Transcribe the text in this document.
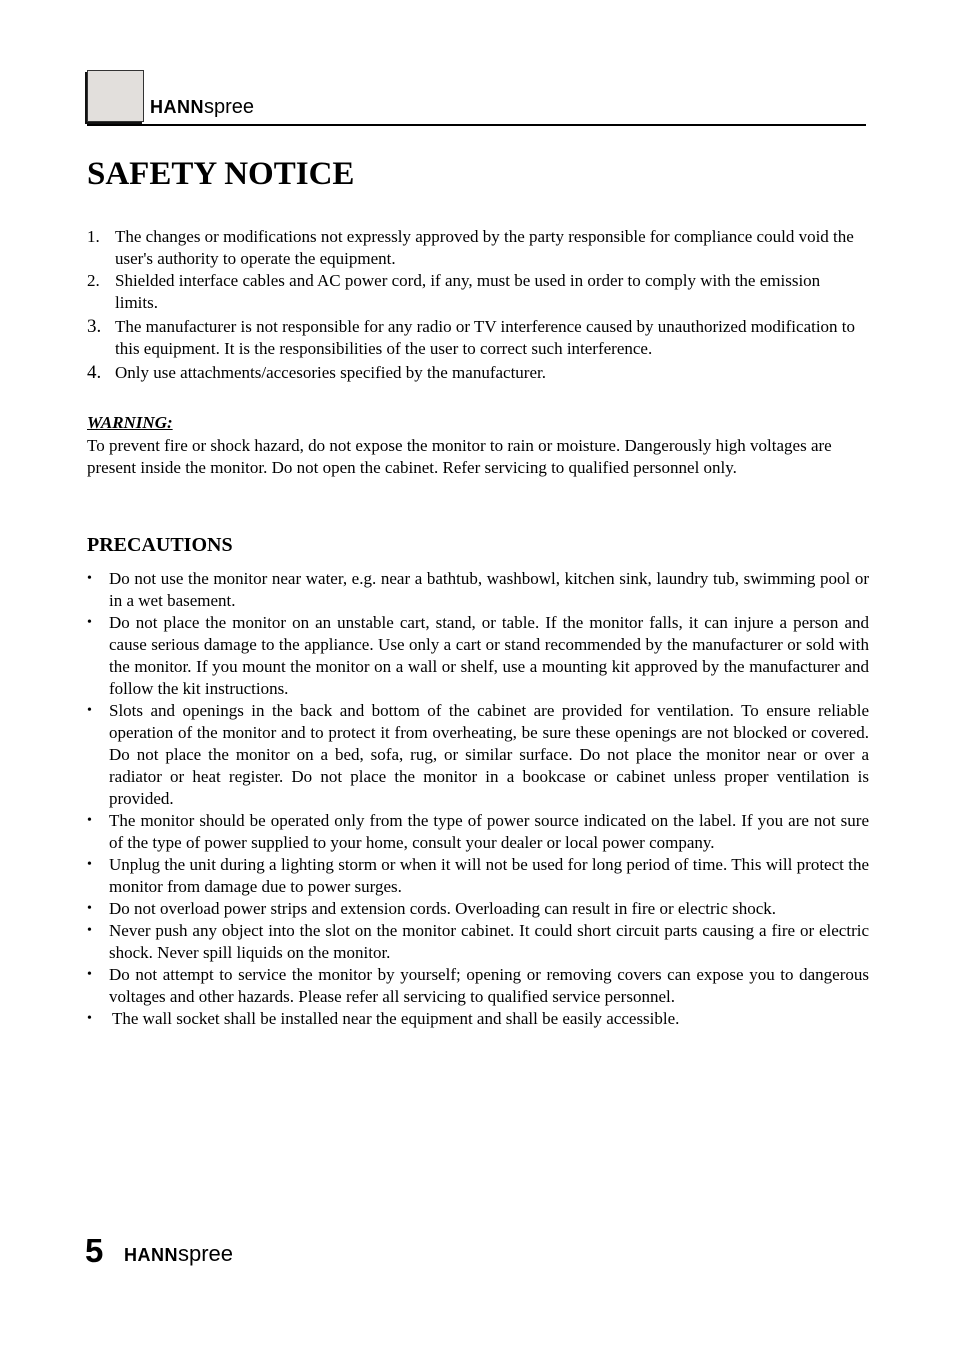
HANNspree
SAFETY NOTICE
1. The changes or modifications not expressly approved by the party responsible for compliance could void the user's authority to operate the equipment.
2. Shielded interface cables and AC power cord, if any, must be used in order to comply with the emission limits.
3. The manufacturer is not responsible for any radio or TV interference caused by unauthorized modification to this equipment. It is the responsibilities of the user to correct such interference.
4. Only use attachments/accesories specified by the manufacturer.

WARNING:

To prevent fire or shock hazard, do not expose the monitor to rain or moisture. Dangerously high voltages are present inside the monitor. Do not open the cabinet. Refer servicing to qualified personnel only.

PRECAUTIONS
• Do not use the monitor near water, e.g. near a bathtub, washbowl, kitchen sink, laundry tub, swimming pool or in a wet basement.
• Do not place the monitor on an unstable cart, stand, or table. If the monitor falls, it can injure a person and cause serious damage to the appliance. Use only a cart or stand recommended by the manufacturer or sold with the monitor. If you mount the monitor on a wall or shelf, use a mounting kit approved by the manufacturer and follow the kit instructions.
• Slots and openings in the back and bottom of the cabinet are provided for ventilation. To ensure reliable operation of the monitor and to protect it from overheating, be sure these openings are not blocked or covered. Do not place the monitor on a bed, sofa, rug, or similar surface. Do not place the monitor near or over a radiator or heat register. Do not place the monitor in a bookcase or cabinet unless proper ventilation is provided.
• The monitor should be operated only from the type of power source indicated on the label. If you are not sure of the type of power supplied to your home, consult your dealer or local power company.
• Unplug the unit during a lighting storm or when it will not be used for long period of time. This will protect the monitor from damage due to power surges.
• Do not overload power strips and extension cords. Overloading can result in fire or electric shock.
• Never push any object into the slot on the monitor cabinet. It could short circuit parts causing a fire or electric shock. Never spill liquids on the monitor.
• Do not attempt to service the monitor by yourself; opening or removing covers can expose you to dangerous voltages and other hazards. Please refer all servicing to qualified service personnel.
• The wall socket shall be installed near the equipment and shall be easily accessible.
5 HANNspree
